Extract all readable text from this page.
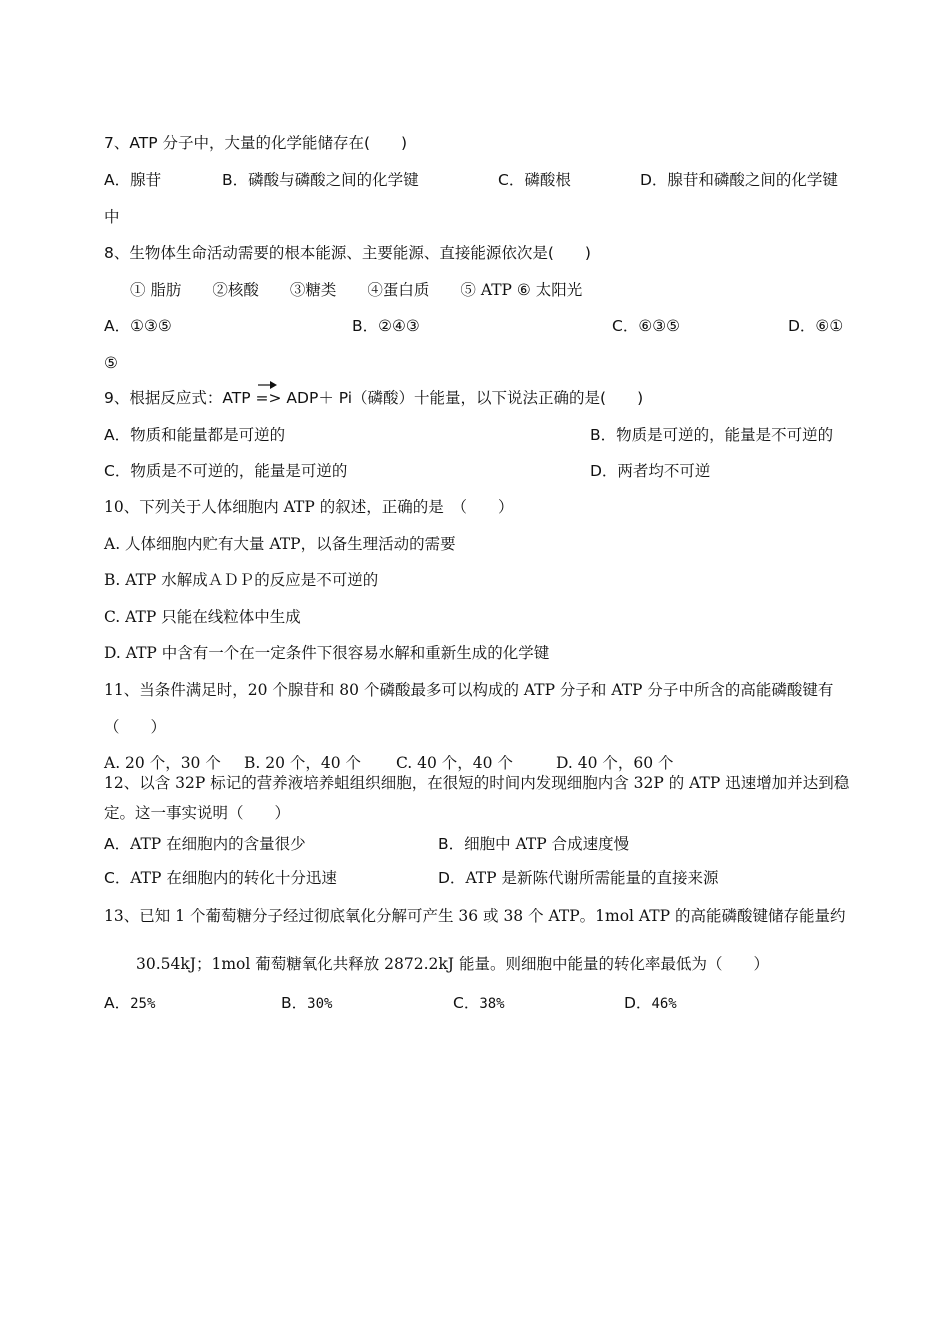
7、ATP 分子中，大量的化学能储存在(　　)
A．腺苷	B．磷酸与磷酸之间的化学键	C．磷酸根	D．腺苷和磷酸之间的化学键
中
8、生物体生命活动需要的根本能源、主要能源、直接能源依次是(　　)
① 脂肪　　②核酸　　③糖类　　④蛋白质　　⑤ ATP ⑥ 太阳光
A．①③⑤	B．②④③	C．⑥③⑤	D．⑥①
⑤
9、根据反应式：ATP
=> ADP＋ Pi（磷酸）十能量，以下说法正确的是(　　)
A．物质和能量都是可逆的	B．物质是可逆的，能量是不可逆的
C．物质是不可逆的，能量是可逆的	D．两者均不可逆
10、下列关于人体细胞内 ATP 的叙述，正确的是　（　　）
A. 人体细胞内贮有大量 ATP，以备生理活动的需要
B. ATP 水解成ＡＤＰ的反应是不可逆的
C. ATP 只能在线粒体中生成
D. ATP 中含有一个在一定条件下很容易水解和重新生成的化学键
11、当条件满足时，20 个腺苷和 80 个磷酸最多可以构成的 ATP 分子和 ATP 分子中所含的高能磷酸键有
（　　）
A. 20 个，30 个 B. 20 个，40 个 C. 40 个，40 个	D. 40 个，60 个
12、以含 32P 标记的营养液培养蛆组织细胞，在很短的时间内发现细胞内含 32P 的 ATP 迅速增加并达到稳
定。这一事实说明（　　）
A．ATP 在细胞内的含量很少	B．细胞中 ATP 合成速度慢
C．ATP 在细胞内的转化十分迅速	D．ATP 是新陈代谢所需能量的直接来源
13、已知 1 个葡萄糖分子经过彻底氧化分解可产生 36 或 38 个 ATP。1mol ATP 的高能磷酸键储存能量约
30.54kJ；1mol 葡萄糖氧化共释放 2872.2kJ 能量。则细胞中能量的转化率最低为（　　）
A．25%	B．30%	C．38%	D．46%
